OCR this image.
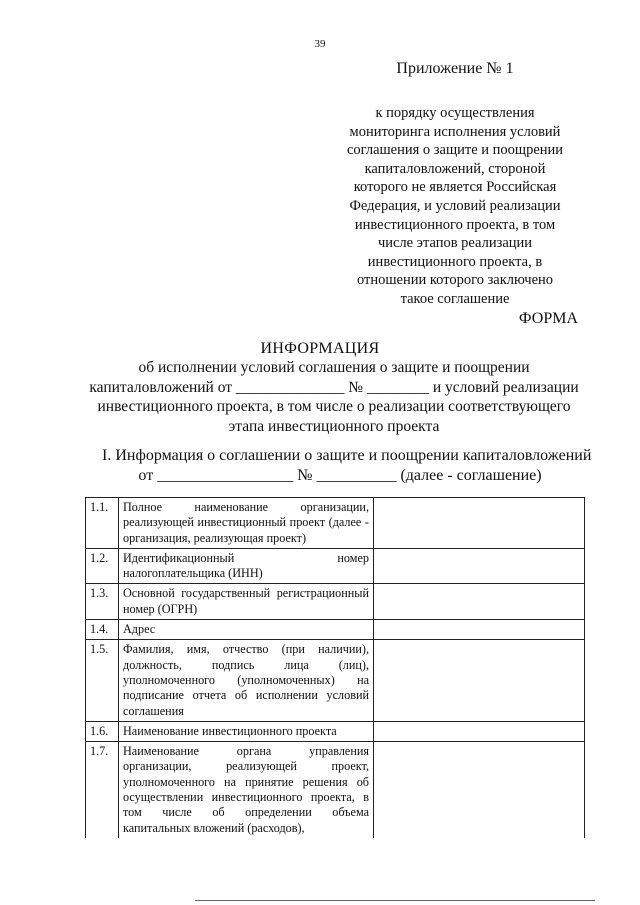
39
Приложение № 1
к порядку осуществления
мониторинга исполнения условий
соглашения о защите и поощрении
капиталовложений, стороной
которого не является Российская
Федерация, и условий реализации
инвестиционного проекта, в том
числе этапов реализации
инвестиционного проекта, в
отношении которого заключено
такое соглашение
ФОРМА
ИНФОРМАЦИЯ
об исполнении условий соглашения о защите и поощрении
капиталовложений от ______________ № ________ и условий реализации
инвестиционного проекта, в том числе о реализации соответствующего
этапа инвестиционного проекта
I. Информация о соглашении о защите и поощрении капиталовложений
от _________________ № __________ (далее - соглашение)
1.1.	Полное наименование организации, реализующей инвестиционный проект (далее - организация, реализующая проект)	
1.2.	Идентификационный номер налогоплательщика (ИНН)	
1.3.	Основной государственный регистрационный номер (ОГРН)	
1.4.	Адрес	
1.5.	Фамилия, имя, отчество (при наличии), должность, подпись лица (лиц), уполномоченного (уполномоченных) на подписание отчета об исполнении условий соглашения	
1.6.	Наименование инвестиционного проекта	
1.7.	Наименование органа управления организации, реализующей проект, уполномоченного на принятие решения об осуществлении инвестиционного проекта, в том числе об определении объема капитальных вложений (расходов),	
